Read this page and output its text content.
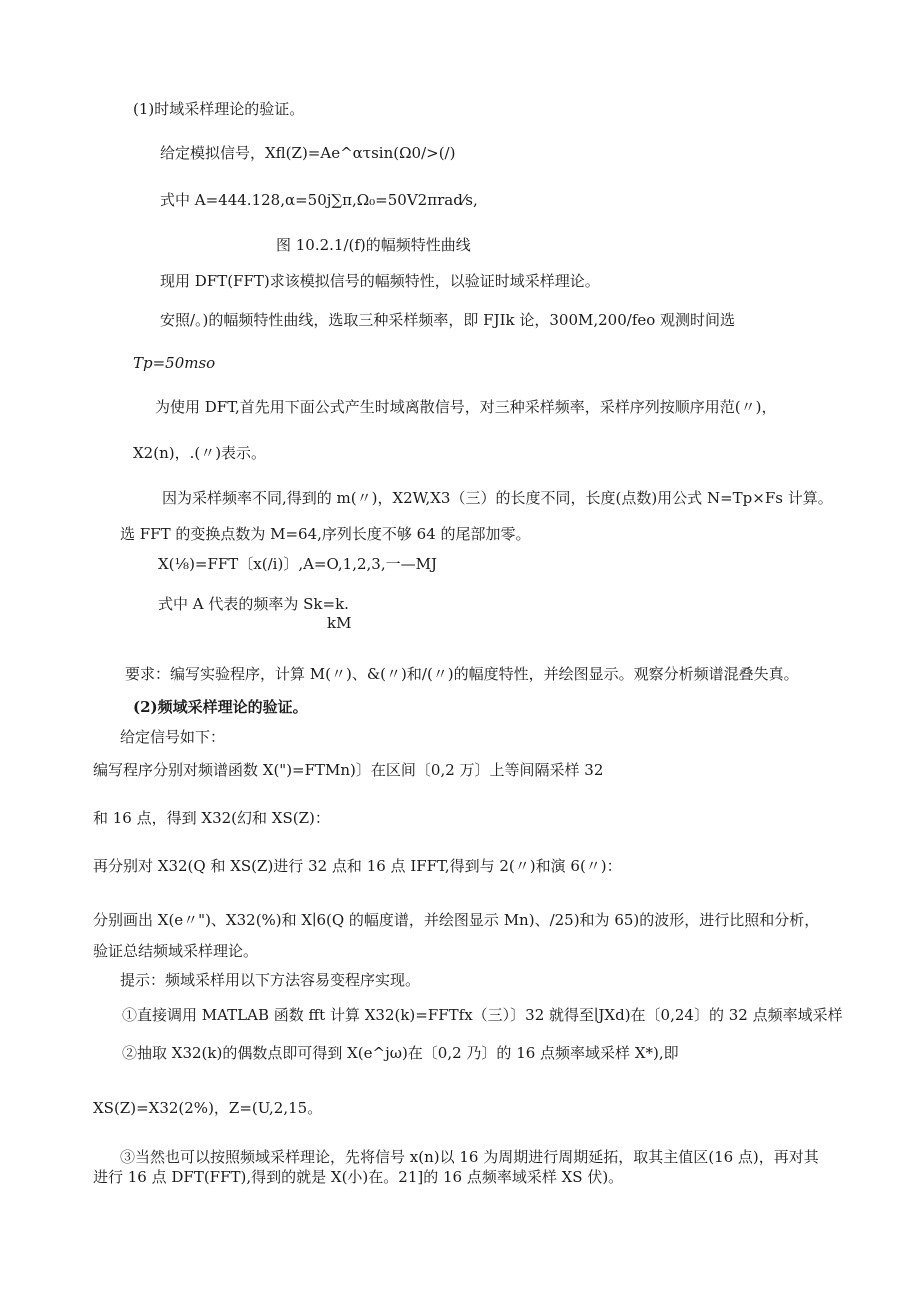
(1)时域采样理论的验证。
给定模拟信号，Xfl(Z)=Ae^ατsin(Ω0/>(/)
式中 A=444.128,α=50j∑π,Ω₀=50V2πrad⁄s,
图 10.2.1/(f)的幅频特性曲线
现用 DFT(FFT)求该模拟信号的幅频特性，以验证时域采样理论。
安照/。)的幅频特性曲线，选取三种采样频率，即 FJIk 论，300M,200/feo 观测时间选
Tp=50msο
为使用 DFT,首先用下面公式产生时域离散信号，对三种采样频率，采样序列按顺序用范(〃)，
X2(n)，.(〃)表示。
因为采样频率不同,得到的 m(〃)，X2W,X3（三）的长度不同，长度(点数)用公式 N=Tp×Fs 计算。
选 FFT 的变换点数为 M=64,序列长度不够 64 的尾部加零。
X(⅛)=FFT〔x(/i)〕,A=O,1,2,3,一—MJ
式中 A 代表的频率为 Sk=k.
kM
要求：编写实验程序，计算 M(〃)、&(〃)和/(〃)的幅度特性，并绘图显示。观察分析频谱混叠失真。
(2)频域采样理论的验证。
给定信号如下：
编写程序分别对频谱函数 X(")=FTMn)〕在区间〔0,2 万〕上等间隔采样 32
和 16 点，得到 X32(幻和 XS(Z)：
再分别对 X32(Q 和 XS(Z)进行 32 点和 16 点 IFFT,得到与 2(〃)和演 6(〃)：
分别画出 X(e〃")、X32(%)和 X∣6(Q 的幅度谱，并绘图显示 Mn)、/25)和为 65)的波形，进行比照和分析，
验证总结频域采样理论。
提示：频域采样用以下方法容易变程序实现。
①直接调用 MATLAB 函数 fft 计算 X32(k)=FFTfx（三）〕32 就得至∣JXd)在〔0,24〕的 32 点频率域采样
②抽取 X32(k)的偶数点即可得到 X(e^jω)在〔0,2 乃〕的 16 点频率域采样 X*),即
XS(Z)=X32(2%)，Z=(U,2,15。
③当然也可以按照频域采样理论，先将信号 x(n)以 16 为周期进行周期延拓，取其主值区(16 点)，再对其
进行 16 点 DFT(FFT),得到的就是 X(小)在。21]的 16 点频率域采样 XS 伏)。
